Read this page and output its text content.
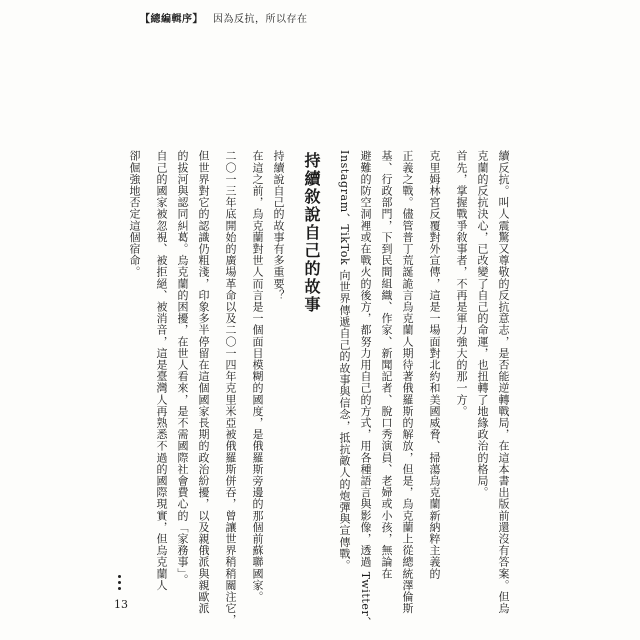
【總編輯序】 因為反抗，所以存在
續反抗。叫人震驚又尊敬的反抗意志，是否能逆轉戰局，在這本書出版前還沒有答案。但烏
克蘭的反抗決心，已改變了自己的命運，也扭轉了地緣政治的格局。
首先，掌握戰爭敘事者，不再是軍力強大的那一方。
克里姆林宮反覆對外宣傳，這是一場面對北約和美國威脅、掃蕩烏克蘭新納粹主義的
正義之戰。儘管普丁荒誕詭言烏克蘭人期待著俄羅斯的解放，但是，烏克蘭上從總統澤倫斯
基、行政部門，下到民間組織、作家、新聞記者、脫口秀演員、老婦或小孩，無論在
避難的防空洞裡或在戰火的後方，都努力用自己的方式，用各種語言與影像，透過 Twitter、
Instagram、TikTok 向世界傳遞自己的故事與信念，抵抗敵人的炮彈與宣傳戰。
持續敘說自己的故事
持續說自己的故事有多重要？
在這之前，烏克蘭對世人而言是一個面目模糊的國度，是俄羅斯旁邊的那個前蘇聯國家。
二〇一三年底開始的廣場革命以及二〇一四年克里米亞被俄羅斯併吞，曾讓世界稍稍關注它，
但世界對它的認識仍粗淺，印象多半停留在這個國家長期的政治紛擾，以及親俄派與親歐派
的拔河與認同糾葛。烏克蘭的困擾，在世人看來，是不需國際社會費心的「家務事」。
自己的國家被忽視、被拒絕、被消音，這是臺灣人再熟悉不過的國際現實，但烏克蘭人
卻倔強地否定這個宿命。
13
